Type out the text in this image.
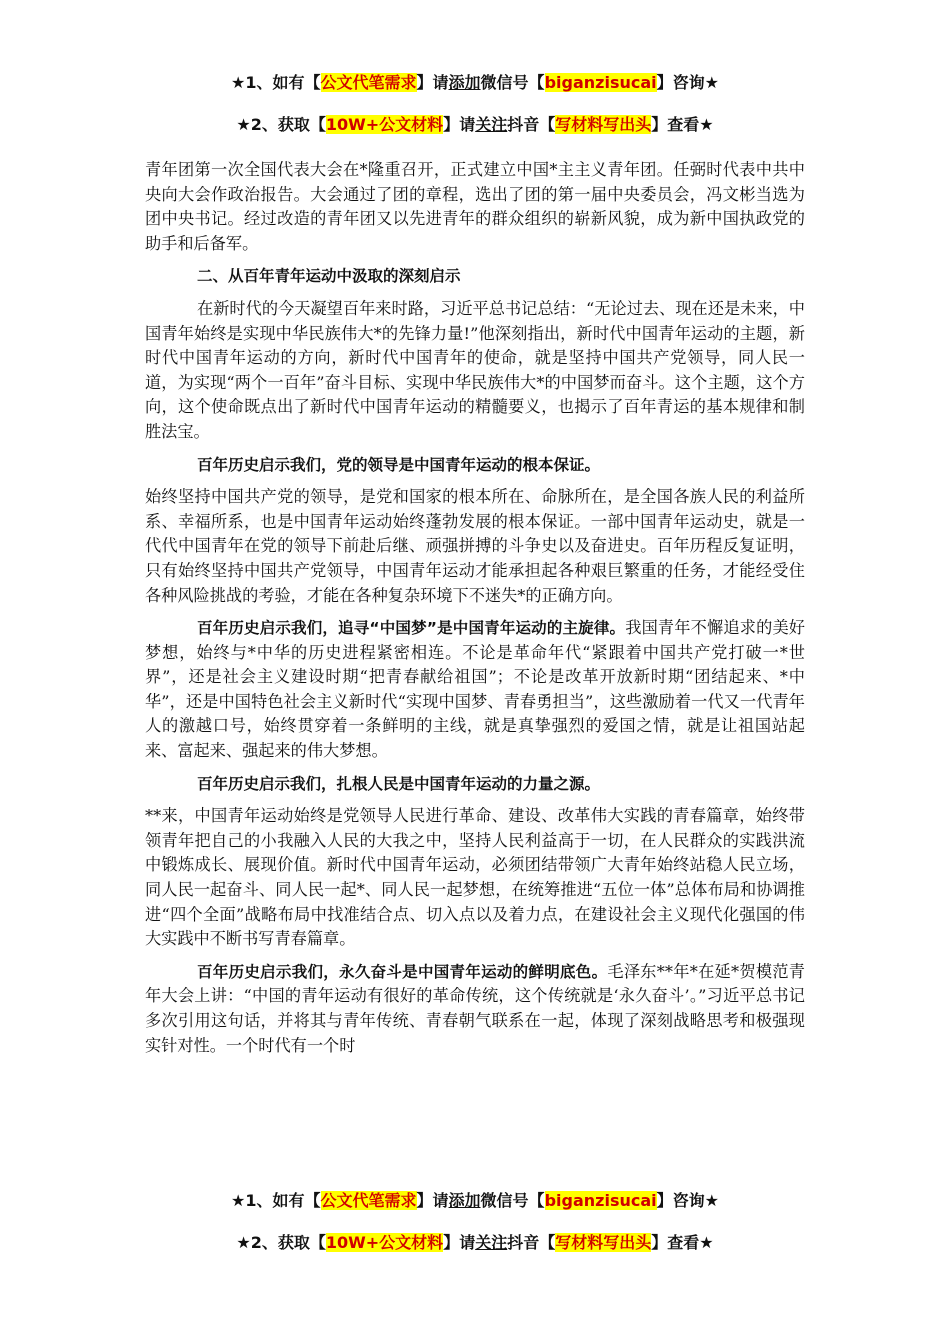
★1、如有【公文代笔需求】请添加微信号【biganzisucai】咨询★
★2、获取【10W+公文材料】请关注抖音【写材料写出头】查看★

青年团第一次全国代表大会在*隆重召开，正式建立中国*主主义青年团。任弼时代表中共中央向大会作政治报告。大会通过了团的章程，选出了团的第一届中央委员会，冯文彬当选为团中央书记。经过改造的青年团又以先进青年的群众组织的崭新风貌，成为新中国执政党的助手和后备军。

二、从百年青年运动中汲取的深刻启示

在新时代的今天凝望百年来时路，习近平总书记总结：“无论过去、现在还是未来，中国青年始终是实现中华民族伟大*的先锋力量!”他深刻指出，新时代中国青年运动的主题，新时代中国青年运动的方向，新时代中国青年的使命，就是坚持中国共产党领导，同人民一道，为实现“两个一百年”奋斗目标、实现中华民族伟大*的中国梦而奋斗。这个主题，这个方向，这个使命既点出了新时代中国青年运动的精髓要义，也揭示了百年青运的基本规律和制胜法宝。

百年历史启示我们，党的领导是中国青年运动的根本保证。

始终坚持中国共产党的领导，是党和国家的根本所在、命脉所在，是全国各族人民的利益所系、幸福所系，也是中国青年运动始终蓬勃发展的根本保证。一部中国青年运动史，就是一代代中国青年在党的领导下前赴后继、顽强拼搏的斗争史以及奋进史。百年历程反复证明，只有始终坚持中国共产党领导，中国青年运动才能承担起各种艰巨繁重的任务，才能经受住各种风险挑战的考验，才能在各种复杂环境下不迷失*的正确方向。

百年历史启示我们，追寻“中国梦”是中国青年运动的主旋律。我国青年不懈追求的美好梦想，始终与*中华的历史进程紧密相连。不论是革命年代“紧跟着中国共产党打破一*世界”，还是社会主义建设时期“把青春献给祖国”；不论是改革开放新时期“团结起来、*中华”，还是中国特色社会主义新时代“实现中国梦、青春勇担当”，这些激励着一代又一代青年人的激越口号，始终贯穿着一条鲜明的主线，就是真挚强烈的爱国之情，就是让祖国站起来、富起来、强起来的伟大梦想。

百年历史启示我们，扎根人民是中国青年运动的力量之源。

**来，中国青年运动始终是党领导人民进行革命、建设、改革伟大实践的青春篇章，始终带领青年把自己的小我融入人民的大我之中，坚持人民利益高于一切，在人民群众的实践洪流中锻炼成长、展现价值。新时代中国青年运动，必须团结带领广大青年始终站稳人民立场，同人民一起奋斗、同人民一起*、同人民一起梦想，在统筹推进“五位一体”总体布局和协调推进“四个全面”战略布局中找准结合点、切入点以及着力点，在建设社会主义现代化强国的伟大实践中不断书写青春篇章。

百年历史启示我们，永久奋斗是中国青年运动的鲜明底色。毛泽东**年*在延*贺模范青年大会上讲：“中国的青年运动有很好的革命传统，这个传统就是‘永久奋斗’。”习近平总书记多次引用这句话，并将其与青年传统、青春朝气联系在一起，体现了深刻战略思考和极强现实针对性。一个时代有一个时

★1、如有【公文代笔需求】请添加微信号【biganzisucai】咨询★
★2、获取【10W+公文材料】请关注抖音【写材料写出头】查看★
